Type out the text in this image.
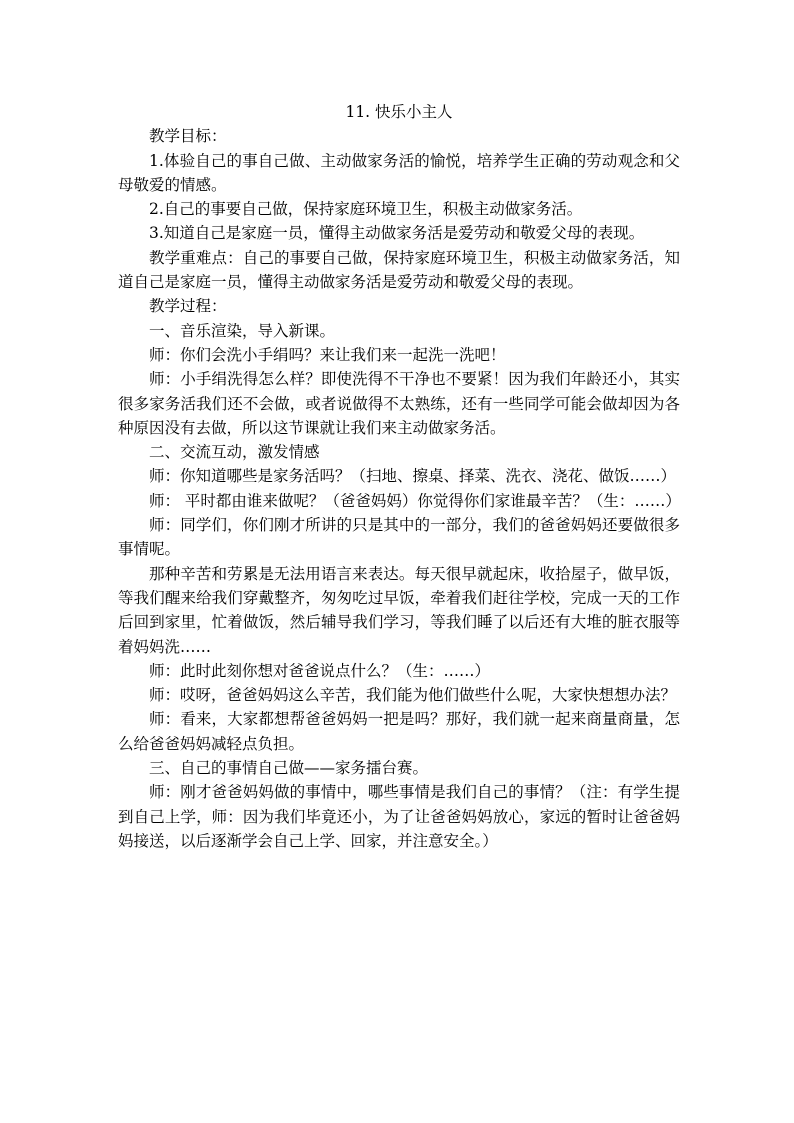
11. 快乐小主人

教学目标：

1.体验自己的事自己做、主动做家务活的愉悦，培养学生正确的劳动观念和父母敬爱的情感。

2.自己的事要自己做，保持家庭环境卫生，积极主动做家务活。

3.知道自己是家庭一员，懂得主动做家务活是爱劳动和敬爱父母的表现。

教学重难点：自己的事要自己做，保持家庭环境卫生，积极主动做家务活，知道自己是家庭一员，懂得主动做家务活是爱劳动和敬爱父母的表现。

教学过程：

一、音乐渲染，导入新课。

师：你们会洗小手绢吗？来让我们来一起洗一洗吧！

师：小手绢洗得怎么样？即使洗得不干净也不要紧！因为我们年龄还小，其实很多家务活我们还不会做，或者说做得不太熟练，还有一些同学可能会做却因为各种原因没有去做，所以这节课就让我们来主动做家务活。

二、交流互动，激发情感

师：你知道哪些是家务活吗？（扫地、擦桌、择菜、洗衣、浇花、做饭……）

师： 平时都由谁来做呢？（爸爸妈妈）你觉得你们家谁最辛苦？（生：……）

师：同学们，你们刚才所讲的只是其中的一部分，我们的爸爸妈妈还要做很多事情呢。

那种辛苦和劳累是无法用语言来表达。每天很早就起床，收拾屋子，做早饭，等我们醒来给我们穿戴整齐，匆匆吃过早饭，牵着我们赶往学校，完成一天的工作后回到家里，忙着做饭，然后辅导我们学习，等我们睡了以后还有大堆的脏衣服等着妈妈洗……

师：此时此刻你想对爸爸说点什么？（生：……）

师：哎呀，爸爸妈妈这么辛苦，我们能为他们做些什么呢，大家快想想办法？

师：看来，大家都想帮爸爸妈妈一把是吗？那好，我们就一起来商量商量，怎么给爸爸妈妈减轻点负担。

三、自己的事情自己做——家务擂台赛。

师：刚才爸爸妈妈做的事情中，哪些事情是我们自己的事情？（注：有学生提到自己上学，师：因为我们毕竟还小，为了让爸爸妈妈放心，家远的暂时让爸爸妈妈接送，以后逐渐学会自己上学、回家，并注意安全。）
